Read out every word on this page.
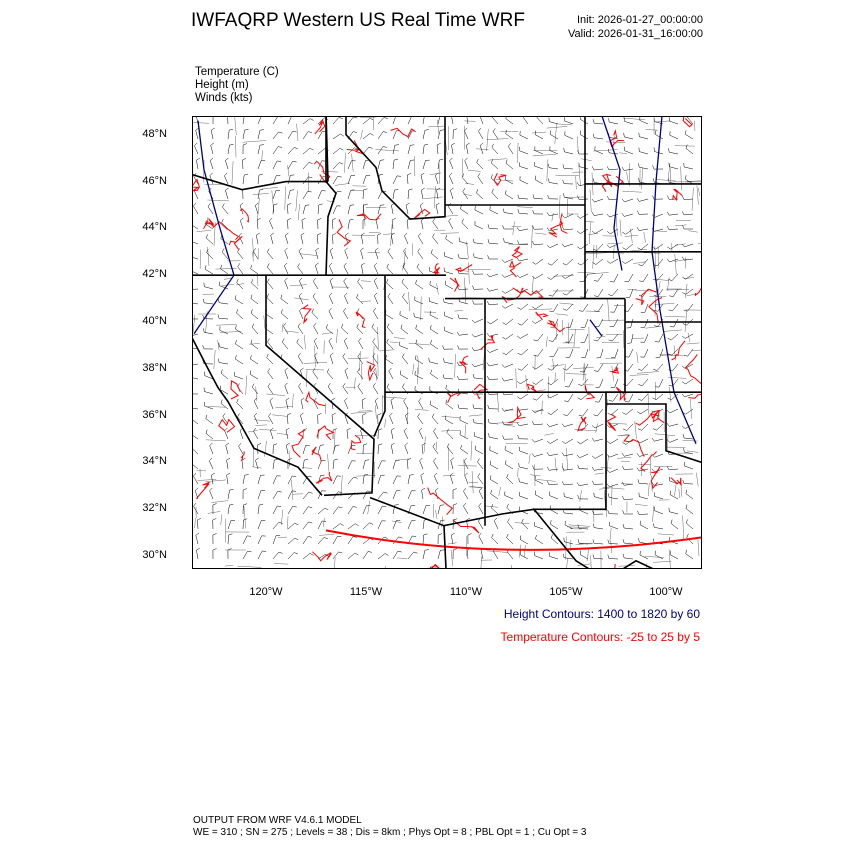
IWFAQRP Western US Real Time WRF	Init: 2026-01-27_00:00:00
Valid: 2026-01-31_16:00:00
Temperature (C)
Height (m)
Winds (kts)
48°N
46°N
44°N
42°N
40°N
38°N
36°N
34°N
32°N
30°N
120°W	115°W	110°W	105°W	100°W
Height Contours: 1400 to 1820 by 60
Temperature Contours: -25 to 25 by 5
OUTPUT FROM WRF V4.6.1 MODEL
WE = 310 ; SN = 275 ; Levels = 38 ; Dis = 8km ; Phys Opt = 8 ; PBL Opt = 1 ; Cu Opt = 3
